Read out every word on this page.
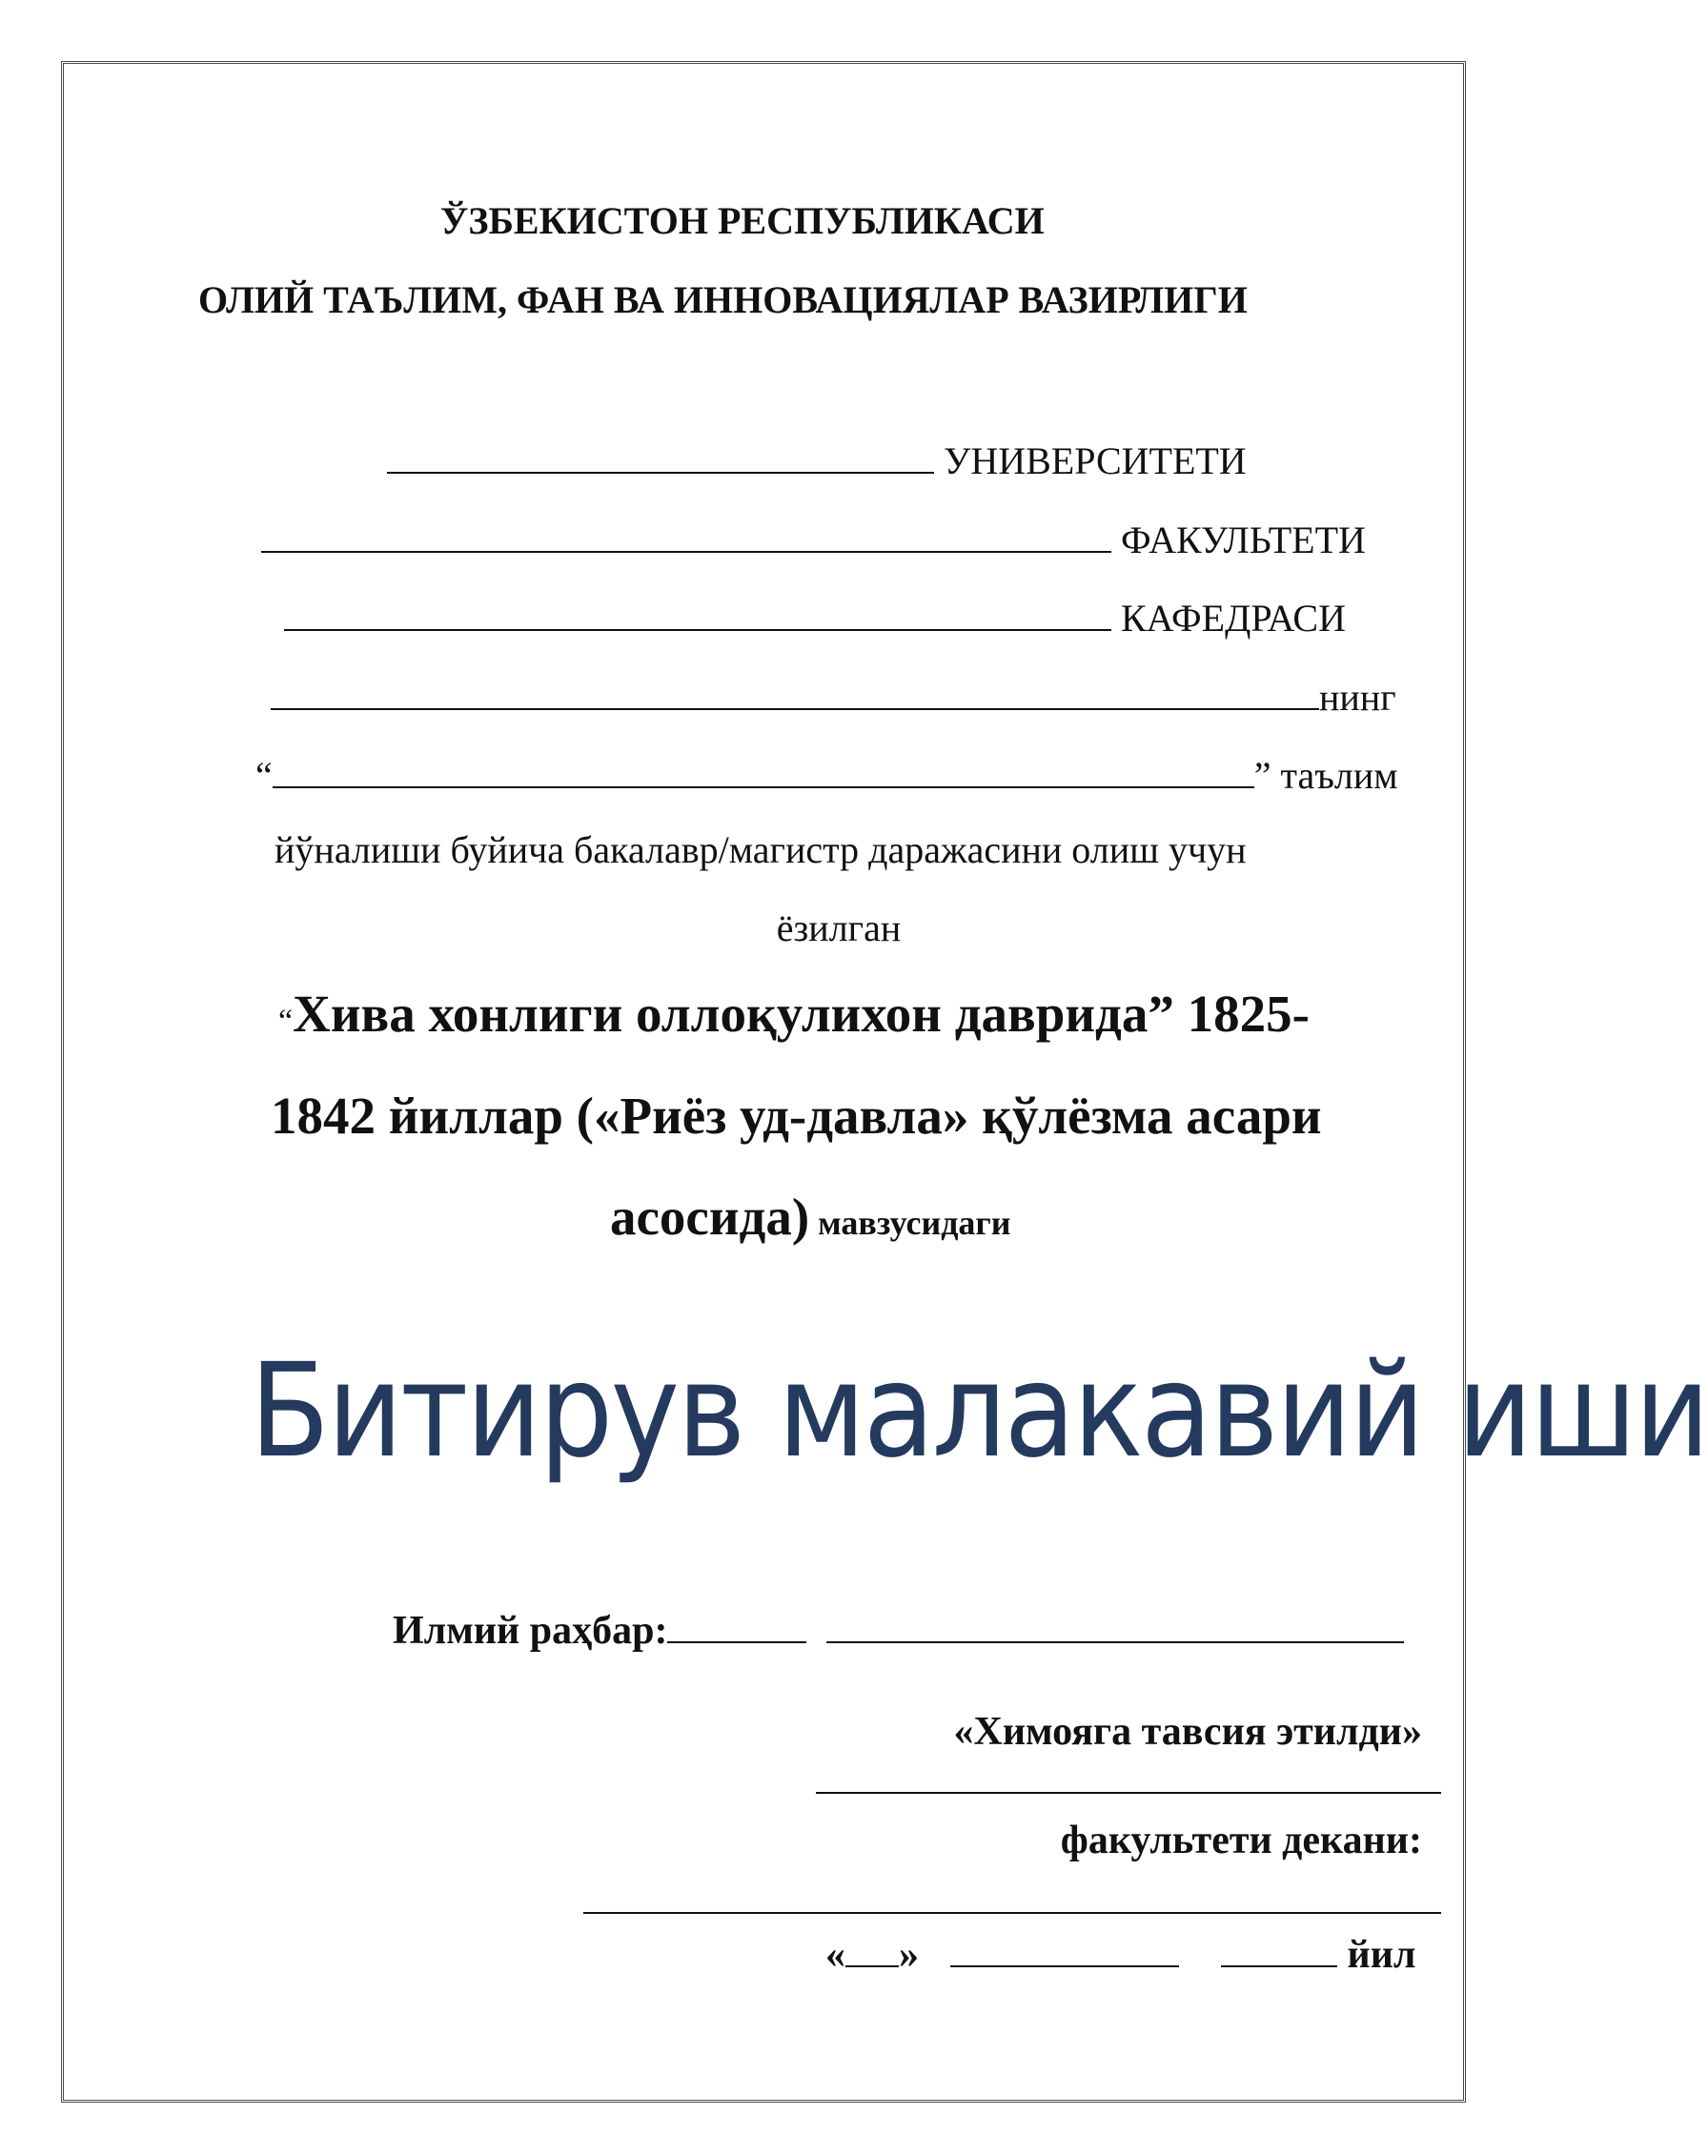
ЎЗБЕКИСТОН РЕСПУБЛИКАСИ
ОЛИЙ ТАЪЛИМ, ФАН ВА ИННОВАЦИЯЛАР ВАЗИРЛИГИ
УНИВЕРСИТЕТИ
ФАКУЛЬТЕТИ
КАФЕДРАСИ
нинг
“	” таълим
йўналиши буйича бакалавр/магистр даражасини олиш учун
ёзилган
“Хива хонлиги оллоқулихон даврида” 1825-
1842 йиллар («Риёз уд-давла» қўлёзма асари
асосида) мавзусидаги
Битирув малакавий иши
Илмий раҳбар:
«Химояга тавсия этилди»
факультети декани:
« »	йил
